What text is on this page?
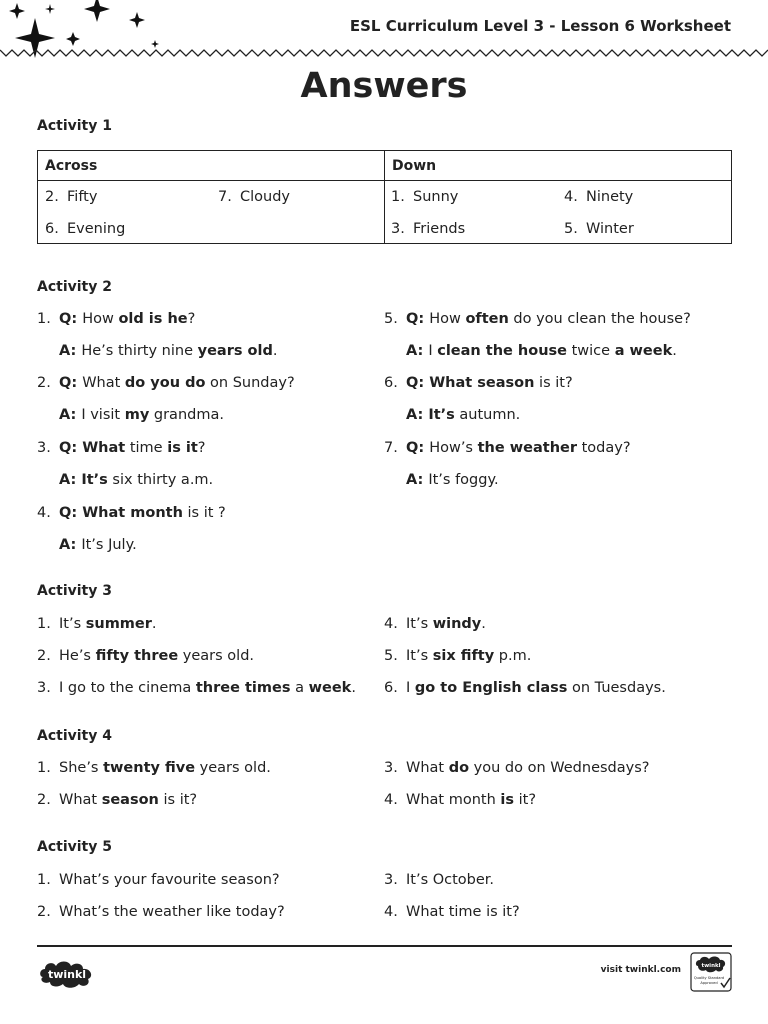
ESL Curriculum Level 3 - Lesson 6 Worksheet
Answers
Activity 1
Across
2. Fifty	7. Cloudy
6. Evening
Down
1. Sunny	4. Ninety
3. Friends	5. Winter
Activity 2
1. Q: How old is he?
A: He’s thirty nine years old.
2. Q: What do you do on Sunday?
A: I visit my grandma.
3. Q: What time is it?
A: It’s six thirty a.m.
4. Q: What month is it ?
A: It’s July.
5. Q: How often do you clean the house?
A: I clean the house twice a week.
6. Q: What season is it?
A: It’s autumn.
7. Q: How’s the weather today?
A: It’s foggy.
Activity 3
1. It’s summer.
2. He’s fifty three years old.
3. I go to the cinema three times a week.
4. It’s windy.
5. It’s six fifty p.m.
6. I go to English class on Tuesdays.
Activity 4
1. She’s twenty five years old.
2. What season is it?
3. What do you do on Wednesdays?
4. What month is it?
Activity 5
1. What’s your favourite season?
2. What’s the weather like today?
3. It’s October.
4. What time is it?
twinkl	visit twinkl.com	twinkl
Quality Standard
Approved
